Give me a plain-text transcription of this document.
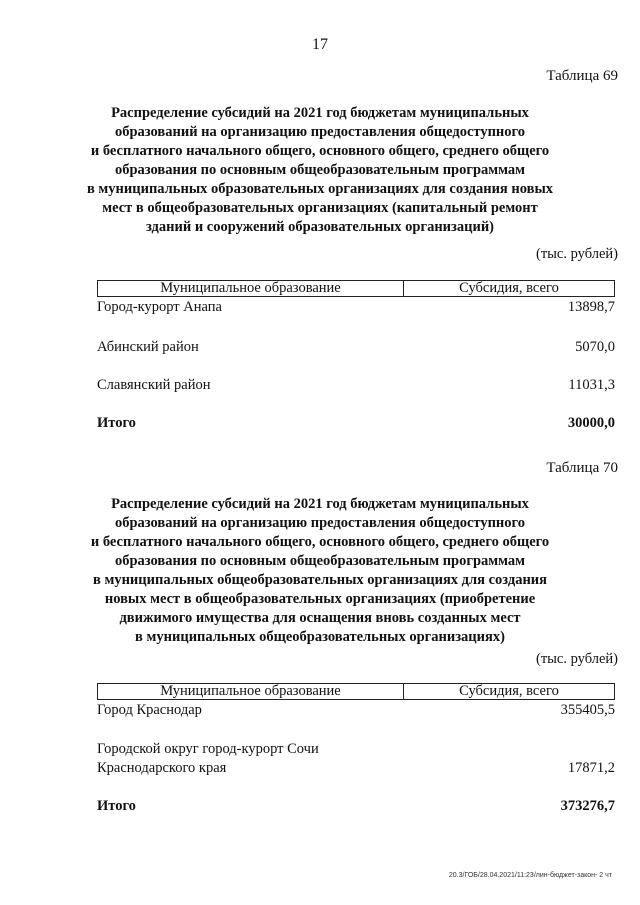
17
Таблица 69
Распределение субсидий на 2021 год бюджетам муниципальных
образований на организацию предоставления общедоступного
и бесплатного начального общего, основного общего, среднего общего
образования по основным общеобразовательным программам
в муниципальных образовательных организациях для создания новых
мест в общеобразовательных организациях (капитальный ремонт
зданий и сооружений образовательных организаций)
(тыс. рублей)
Муниципальное образование	Субсидия, всего
Город-курорт Анапа	13898,7
Абинский район	5070,0
Славянский район	11031,3
Итого	30000,0
Таблица 70
Распределение субсидий на 2021 год бюджетам муниципальных
образований на организацию предоставления общедоступного
и бесплатного начального общего, основного общего, среднего общего
образования по основным общеобразовательным программам
в муниципальных общеобразовательных организациях для создания
новых мест в общеобразовательных организациях (приобретение
движимого имущества для оснащения вновь созданных мест
в муниципальных общеобразовательных организациях)
(тыс. рублей)
Муниципальное образование	Субсидия, всего
Город Краснодар	355405,5
Городской округ город-курорт Сочи Краснодарского края	17871,2
Итого	373276,7
20.3/ГОБ/28.04.2021/11:23/лин-бюджет-закон- 2 чт
